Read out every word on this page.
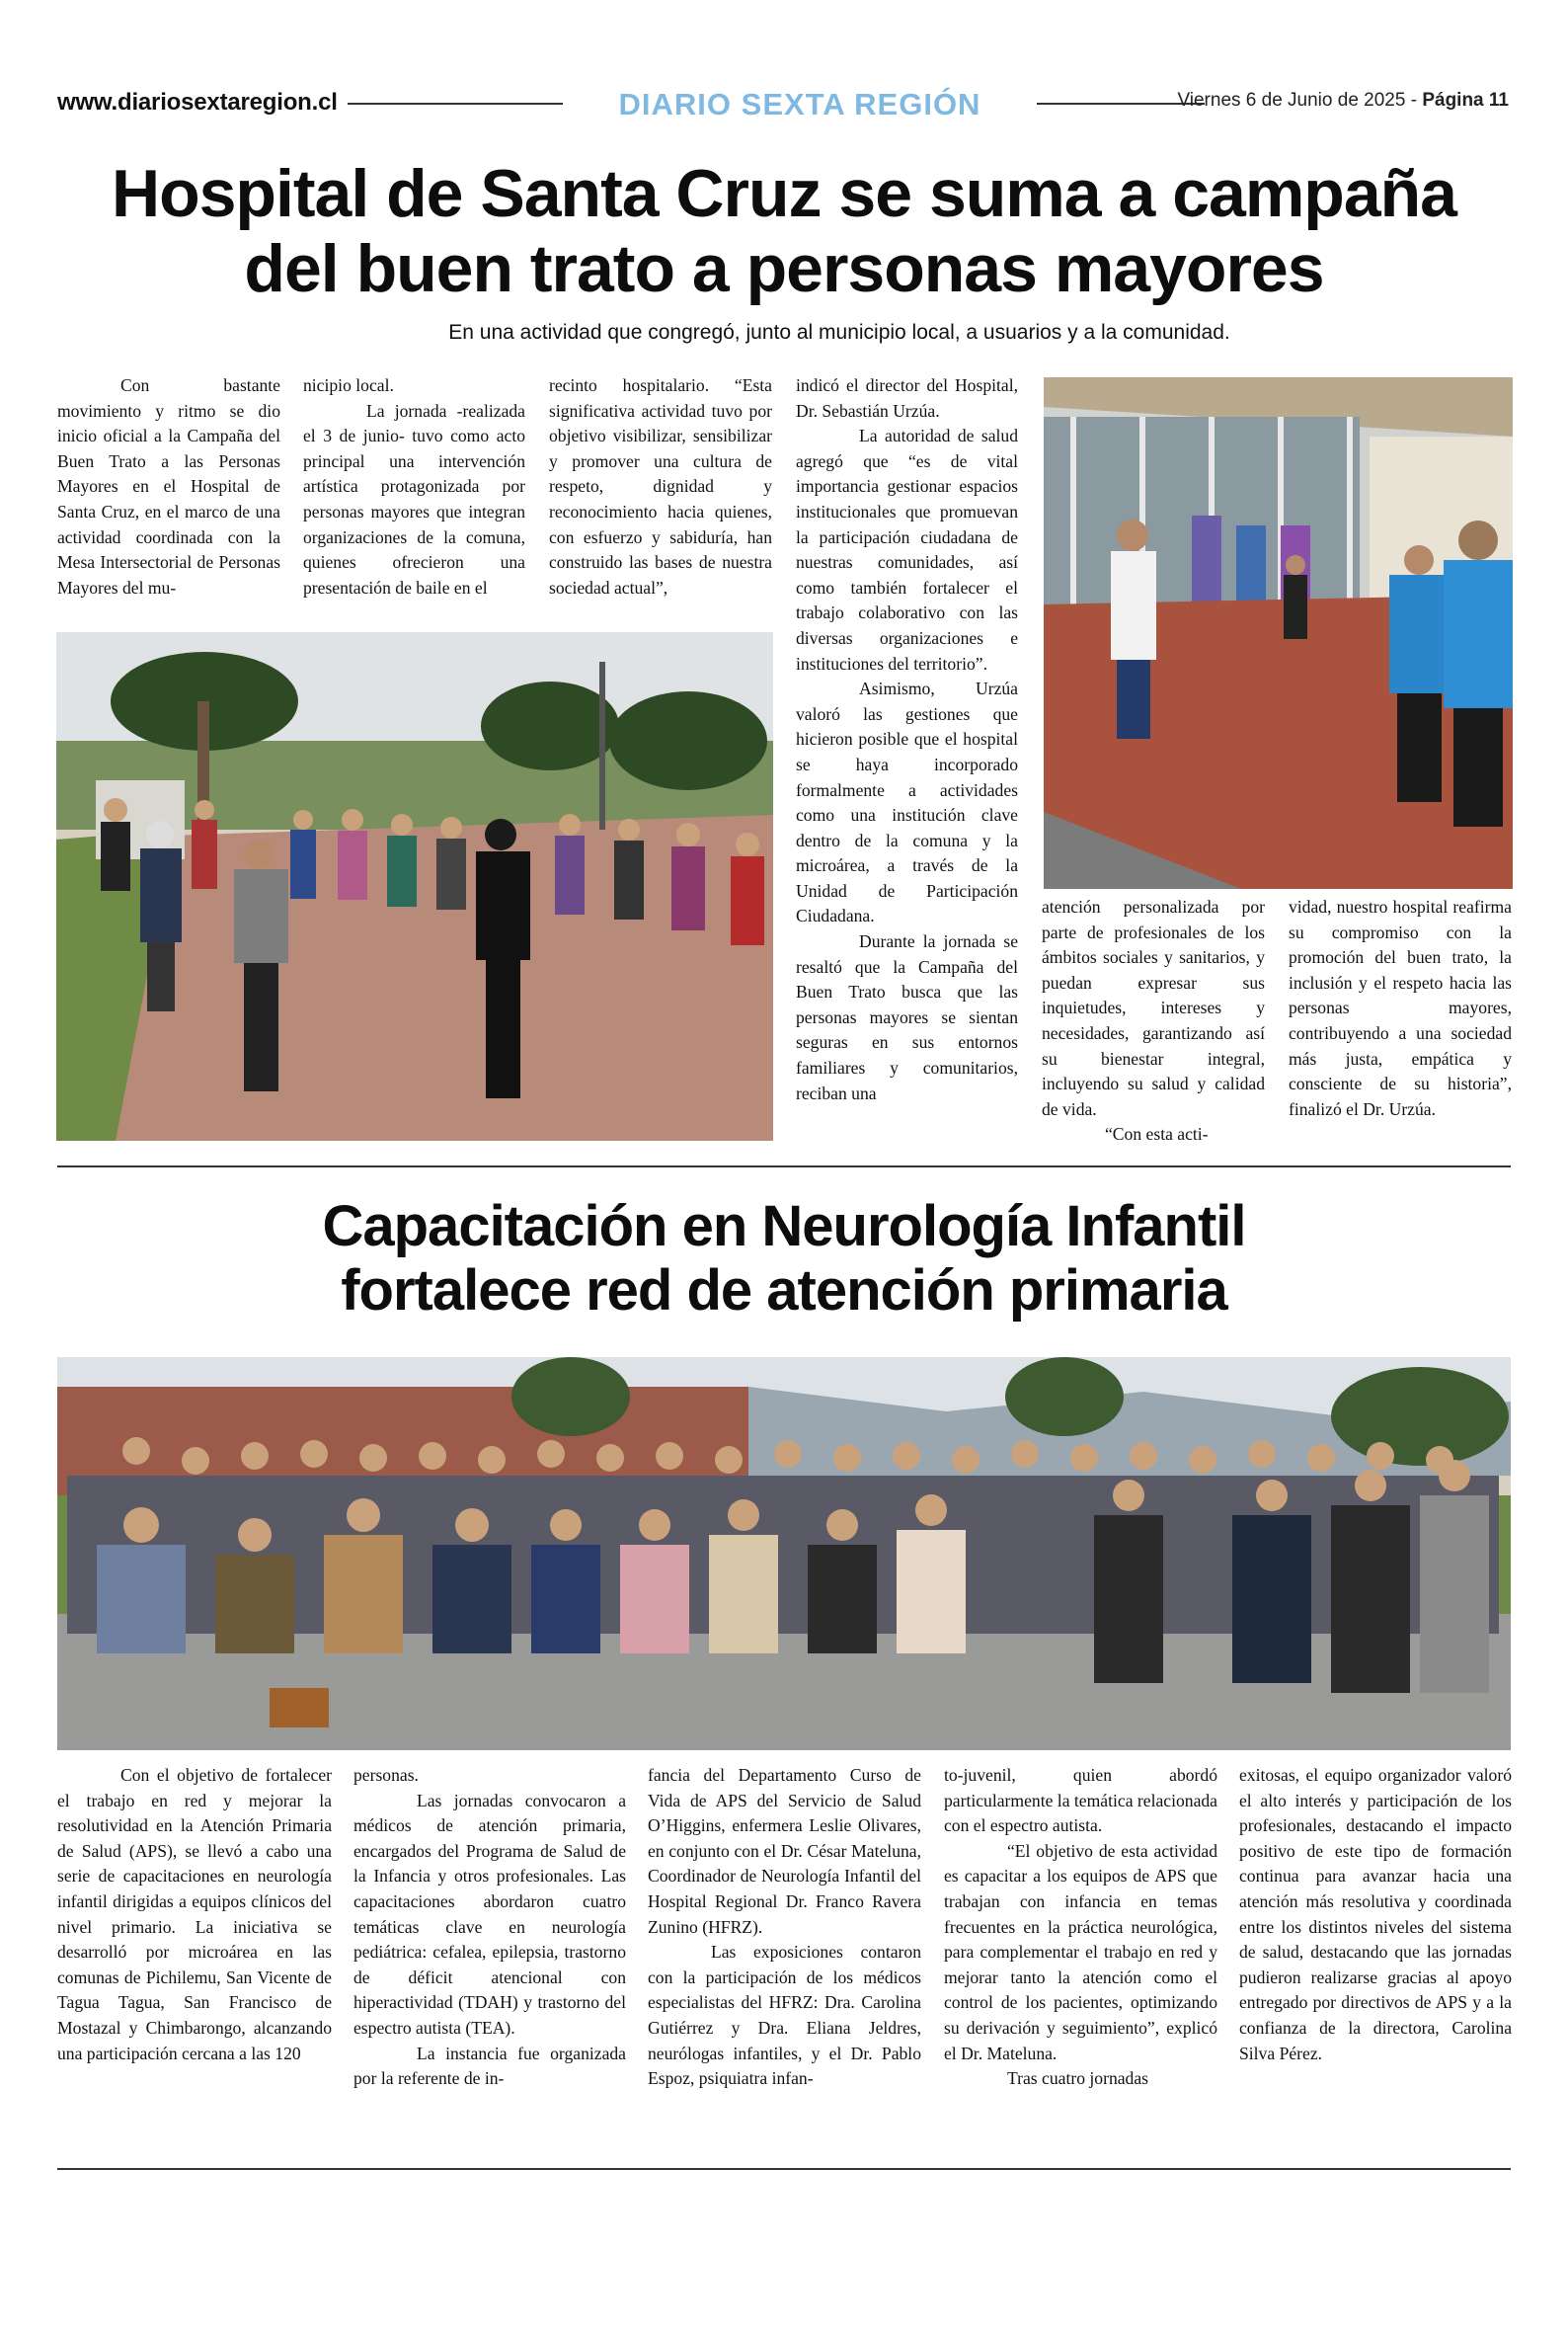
www.diariosextaregion.cl	DIARIO SEXTA REGIÓN	Viernes 6 de Junio de 2025 - Página 11
Hospital de Santa Cruz se suma a campaña
del buen trato a personas mayores
En una actividad que congregó, junto al municipio local, a usuarios y a la comunidad.

Con bastante movimiento y ritmo se dio inicio oficial a la Campaña del Buen Trato a las Personas Mayores en el Hospital de Santa Cruz, en el marco de una actividad coordinada con la Mesa Intersectorial de Personas Mayores del mu-

nicipio local.

La jornada -realizada el 3 de junio- tuvo como acto principal una intervención artística protagonizada por personas mayores que integran organizaciones de la comuna, quienes ofrecieron una presentación de baile en el

recinto hospitalario. “Esta significativa actividad tuvo por objetivo visibilizar, sensibilizar y promover una cultura de respeto, dignidad y reconocimiento hacia quienes, con esfuerzo y sabiduría, han construido las bases de nuestra sociedad actual”,

indicó el director del Hospital, Dr. Sebastián Urzúa.

La autoridad de salud agregó que “es de vital importancia gestionar espacios institucionales que promuevan la participación ciudadana de nuestras comunidades, así como también fortalecer el trabajo colaborativo con las diversas organizaciones e instituciones del territorio”.

Asimismo, Urzúa valoró las gestiones que hicieron posible que el hospital se haya incorporado formalmente a actividades como una institución clave dentro de la comuna y la microárea, a través de la Unidad de Participación Ciudadana.

Durante la jornada se resaltó que la Campaña del Buen Trato busca que las personas mayores se sientan seguras en sus entornos familiares y comunitarios, reciban una

atención personalizada por parte de profesionales de los ámbitos sociales y sanitarios, y puedan expresar sus inquietudes, intereses y necesidades, garantizando así su bienestar integral, incluyendo su salud y calidad de vida.

“Con esta acti-

vidad, nuestro hospital reafirma su compromiso con la promoción del buen trato, la inclusión y el respeto hacia las personas mayores, contribuyendo a una sociedad más justa, empática y consciente de su historia”, finalizó el Dr. Urzúa.

Capacitación en Neurología Infantil
fortalece red de atención primaria

Con el objetivo de fortalecer el trabajo en red y mejorar la resolutividad en la Atención Primaria de Salud (APS), se llevó a cabo una serie de capacitaciones en neurología infantil dirigidas a equipos clínicos del nivel primario. La iniciativa se desarrolló por microárea en las comunas de Pichilemu, San Vicente de Tagua Tagua, San Francisco de Mostazal y Chimbarongo, alcanzando una participación cercana a las 120

personas.

Las jornadas convocaron a médicos de atención primaria, encargados del Programa de Salud de la Infancia y otros profesionales. Las capacitaciones abordaron cuatro temáticas clave en neurología pediátrica: cefalea, epilepsia, trastorno de déficit atencional con hiperactividad (TDAH) y trastorno del espectro autista (TEA).

La instancia fue organizada por la referente de in-

fancia del Departamento Curso de Vida de APS del Servicio de Salud O’Higgins, enfermera Leslie Olivares, en conjunto con el Dr. César Mateluna, Coordinador de Neurología Infantil del Hospital Regional Dr. Franco Ravera Zunino (HFRZ).

Las exposiciones contaron con la participación de los médicos especialistas del HFRZ: Dra. Carolina Gutiérrez y Dra. Eliana Jeldres, neurólogas infantiles, y el Dr. Pablo Espoz, psiquiatra infan-

to-juvenil, quien abordó particularmente la temática relacionada con el espectro autista.

“El objetivo de esta actividad es capacitar a los equipos de APS que trabajan con infancia en temas frecuentes en la práctica neurológica, para complementar el trabajo en red y mejorar tanto la atención como el control de los pacientes, optimizando su derivación y seguimiento”, explicó el Dr. Mateluna.

Tras cuatro jornadas

exitosas, el equipo organizador valoró el alto interés y participación de los profesionales, destacando el impacto positivo de este tipo de formación continua para avanzar hacia una atención más resolutiva y coordinada entre los distintos niveles del sistema de salud, destacando que las jornadas pudieron realizarse gracias al apoyo entregado por directivos de APS y a la confianza de la directora, Carolina Silva Pérez.
